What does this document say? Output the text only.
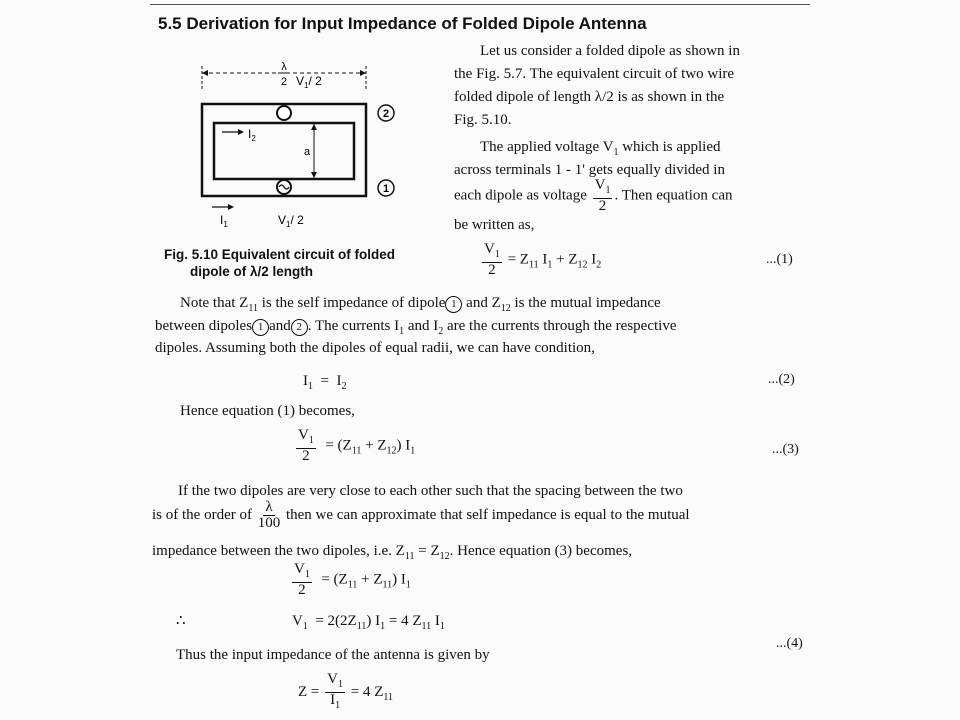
5.5 Derivation for Input Impedance of Folded Dipole Antenna
λ
2 $V_1/$ 2
a
$I_2$
$I_1$	$V_1/$ 2
2
1
Fig. 5.10 Equivalent circuit of folded
dipole of λ/2 length
Let us consider a folded dipole as shown in
the Fig. 5.7. The equivalent circuit of two wire
folded dipole of length λ/2 is as shown in the
Fig. 5.10.
The applied voltage $V_1$ which is applied
across terminals 1 - 1' gets equally divided in
each dipole as voltage $\frac{V_1}{2}$ . Then equation can
be written as,
$\frac{V_1}{2} = Z_{11}$ $I_1 + Z_{12}$ $I_2$	...(1)
Note that $Z_{11}$ is the self impedance of dipole 1 and $Z_{12}$ is the mutual impedance
between dipoles 1 and 2 . The currents $I_1$ and $I_2$ are the currents through the respective
dipoles. Assuming both the dipoles of equal radii, we can have condition,
$I_1 = I_2$	...(2)
Hence equation (1) becomes,
$\frac{V_1}{2} = (Z_{11} + Z_{12})$ $I_1$	...(3)
If the two dipoles are very close to each other such that the spacing between the two
is of the order of $\frac{\lambda}{100}$ then we can approximate that self impedance is equal to the mutual
impedance between the two dipoles, i.e. $Z_{11} = Z_{12}$. Hence equation (3) becomes,
$\frac{V_1}{2} = (Z_{11} + Z_{11})$ $I_1$
∴	$V_1 = 2(2Z_{11}) I_1 = 4$ $Z_{11}$ $I_1$
...(4)
Thus the input impedance of the antenna is given by
$Z = \frac{V_1}{I_1} = 4$ $Z_{11}$
